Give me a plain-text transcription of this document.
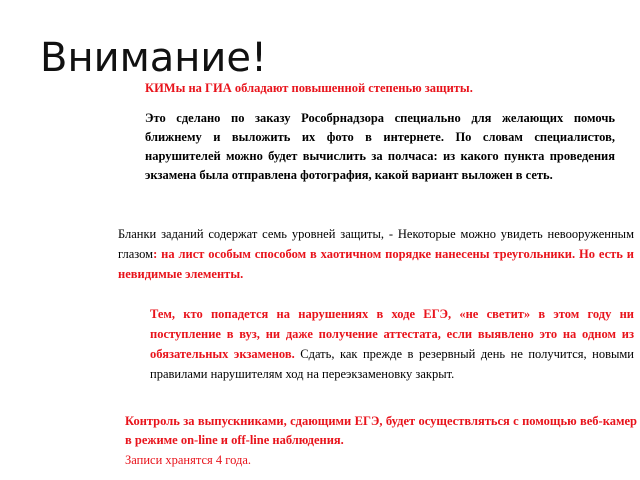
Внимание!

КИМы на ГИА обладают повышенной степенью защиты.

Это сделано по заказу Рособрнадзора специально для желающих помочь ближнему и выложить их фото в интернете. По словам специалистов, нарушителей можно будет вычислить за полчаса: из какого пункта проведения экзамена была отправлена фотография, какой вариант выложен в сеть.

Бланки заданий содержат семь уровней защиты, - Некоторые можно увидеть невооруженным глазом: на лист особым способом в хаотичном порядке нанесены треугольники. Но есть и невидимые элементы.

Тем, кто попадется на нарушениях в ходе ЕГЭ, «не светит» в этом году ни поступление в вуз, ни даже получение аттестата, если выявлено это на одном из обязательных экзаменов. Сдать, как прежде в резервный день не получится, новыми правилами нарушителям ход на переэкзаменовку закрыт.

Контроль за выпускниками, сдающими ЕГЭ, будет осуществляться с помощью веб-камер в режиме on-line и off-line наблюдения.

Записи хранятся 4 года.
